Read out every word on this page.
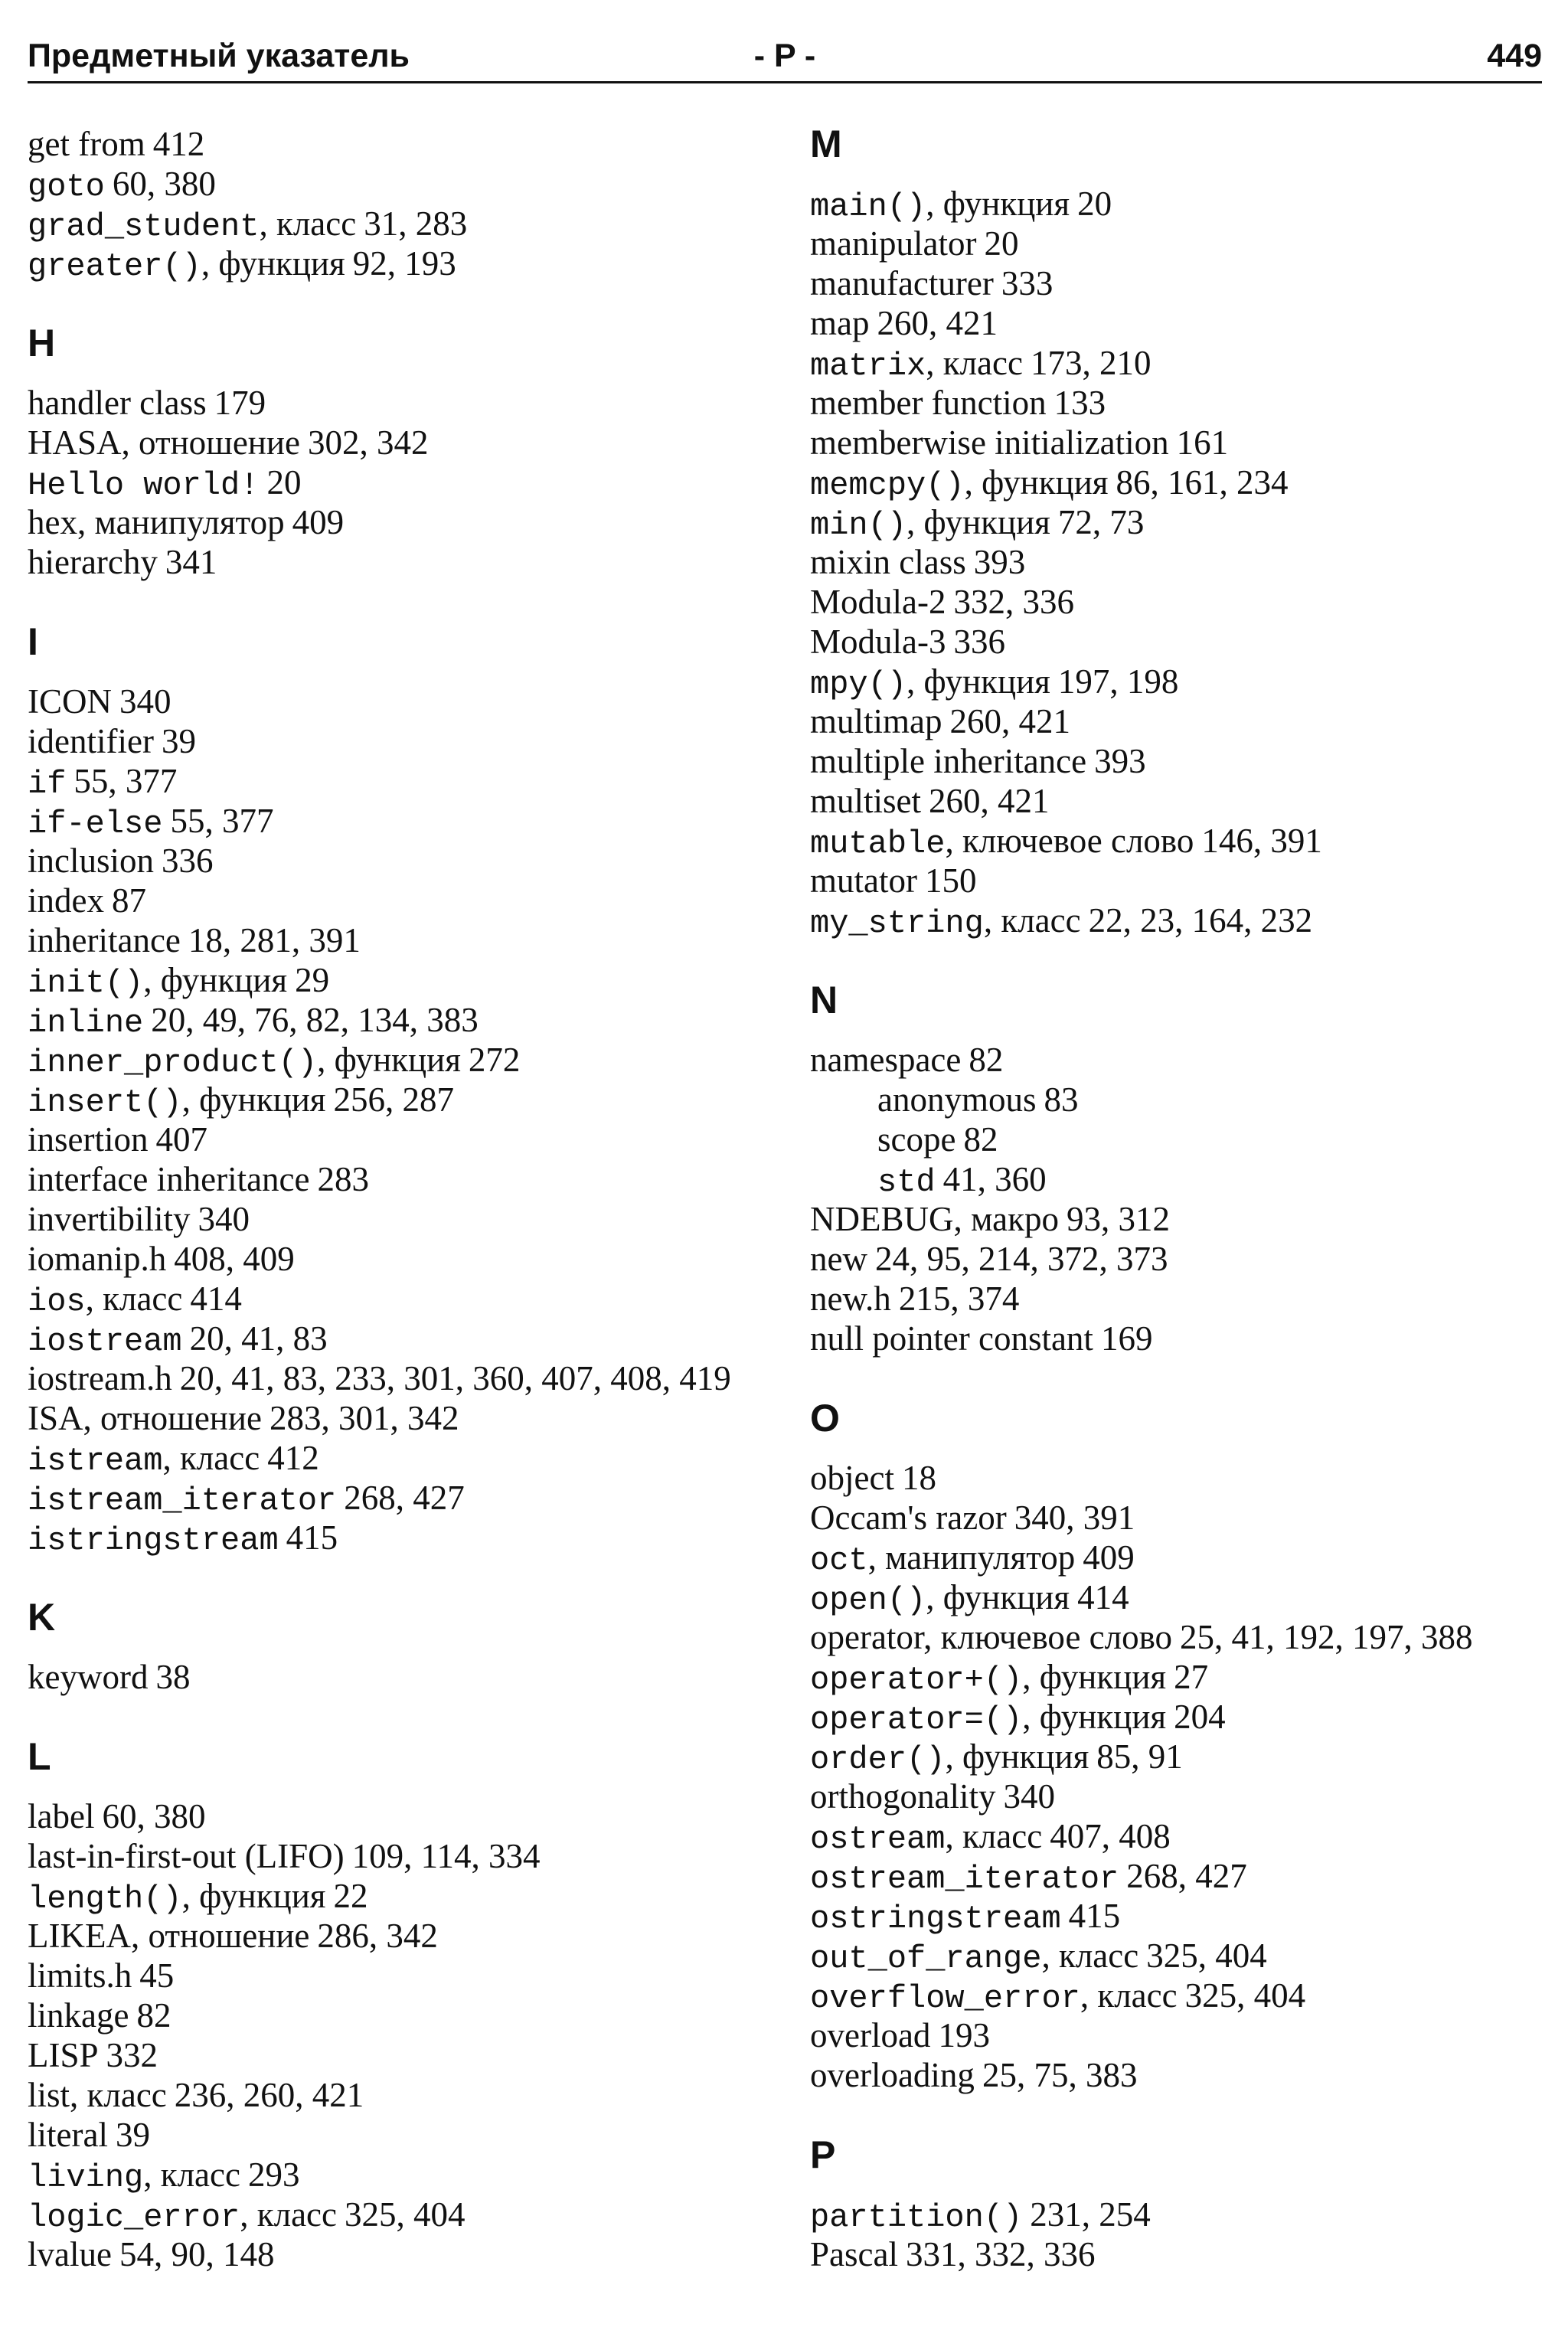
Предметный указатель	- P -	449
get from 412
goto 60, 380
grad_student, класс 31, 283
greater(), функция 92, 193
H
handler class 179
HASA, отношение 302, 342
Hello world! 20
hex, манипулятор 409
hierarchy 341
I
ICON 340
identifier 39
if 55, 377
if-else 55, 377
inclusion 336
index 87
inheritance 18, 281, 391
init(), функция 29
inline 20, 49, 76, 82, 134, 383
inner_product(), функция 272
insert(), функция 256, 287
insertion 407
interface inheritance 283
invertibility 340
iomanip.h 408, 409
ios, класс 414
iostream 20, 41, 83
iostream.h 20, 41, 83, 233, 301, 360, 407, 408, 419
ISA, отношение 283, 301, 342
istream, класс 412
istream_iterator 268, 427
istringstream 415
K
keyword 38
L
label 60, 380
last-in-first-out (LIFO) 109, 114, 334
length(), функция 22
LIKEA, отношение 286, 342
limits.h 45
linkage 82
LISP 332
list, класс 236, 260, 421
literal 39
living, класс 293
logic_error, класс 325, 404
lvalue 54, 90, 148
M
main(), функция 20
manipulator 20
manufacturer 333
map 260, 421
matrix, класс 173, 210
member function 133
memberwise initialization 161
memcpy(), функция 86, 161, 234
min(), функция 72, 73
mixin class 393
Modula-2 332, 336
Modula-3 336
mpy(), функция 197, 198
multimap 260, 421
multiple inheritance 393
multiset 260, 421
mutable, ключевое слово 146, 391
mutator 150
my_string, класс 22, 23, 164, 232
N
namespace 82
anonymous 83
scope 82
std 41, 360
NDEBUG, макро 93, 312
new 24, 95, 214, 372, 373
new.h 215, 374
null pointer constant 169
O
object 18
Occam's razor 340, 391
oct, манипулятор 409
open(), функция 414
operator, ключевое слово 25, 41, 192, 197, 388
operator+(), функция 27
operator=(), функция 204
order(), функция 85, 91
orthogonality 340
ostream, класс 407, 408
ostream_iterator 268, 427
ostringstream 415
out_of_range, класс 325, 404
overflow_error, класс 325, 404
overload 193
overloading 25, 75, 383
P
partition() 231, 254
Pascal 331, 332, 336
